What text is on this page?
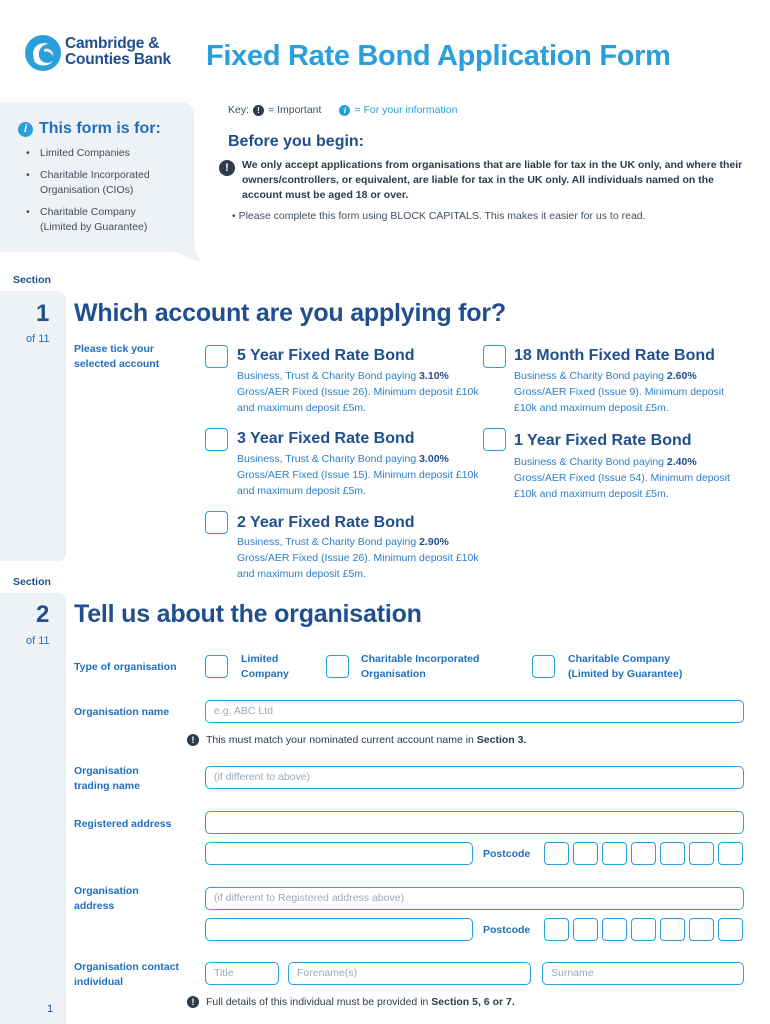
Cambridge &
Counties Bank Fixed Rate Bond Application Form
Key:	! = Important	i = For your information
i This form is for:
• Limited Companies
• Charitable Incorporated Organisation (CIOs)
• Charitable Company (Limited by Guarantee)
Before you begin:
!	We only accept applications from organisations that are liable for tax in the UK only, and where their owners/controllers, or equivalent, are liable for tax in the UK only. All individuals named on the account must be aged 18 or over.
• Please complete this form using BLOCK CAPITALS. This makes it easier for us to read.
Section
1
of 11
Which account are you applying for?
Please tick your selected account	5 Year Fixed Rate Bond
Business, Trust & Charity Bond paying 3.10% Gross/AER Fixed (Issue 26). Minimum deposit £10k and maximum deposit £5m.
18 Month Fixed Rate Bond
Business & Charity Bond paying 2.60% Gross/AER Fixed (Issue 9). Minimum deposit £10k and maximum deposit £5m.
3 Year Fixed Rate Bond
Business, Trust & Charity Bond paying 3.00% Gross/AER Fixed (Issue 15). Minimum deposit £10k and maximum deposit £5m.
1 Year Fixed Rate Bond
Business & Charity Bond paying 2.40% Gross/AER Fixed (Issue 54). Minimum deposit £10k and maximum deposit £5m.
2 Year Fixed Rate Bond
Business, Trust & Charity Bond paying 2.90% Gross/AER Fixed (Issue 26). Minimum deposit £10k and maximum deposit £5m.
Section
2
of 11
Tell us about the organisation
Type of organisation
Limited Company
Charitable Incorporated Organisation
Charitable Company (Limited by Guarantee)
Organisation name	e.g. ABC Ltd
!	This must match your nominated current account name in Section 3.
Organisation trading name
(if different to above)
Registered address
Postcode
Organisation address
(if different to Registered address above)
Postcode
Organisation contact individual
Title	Forename(s)	Surname
!	Full details of this individual must be provided in Section 5, 6 or 7.
1
